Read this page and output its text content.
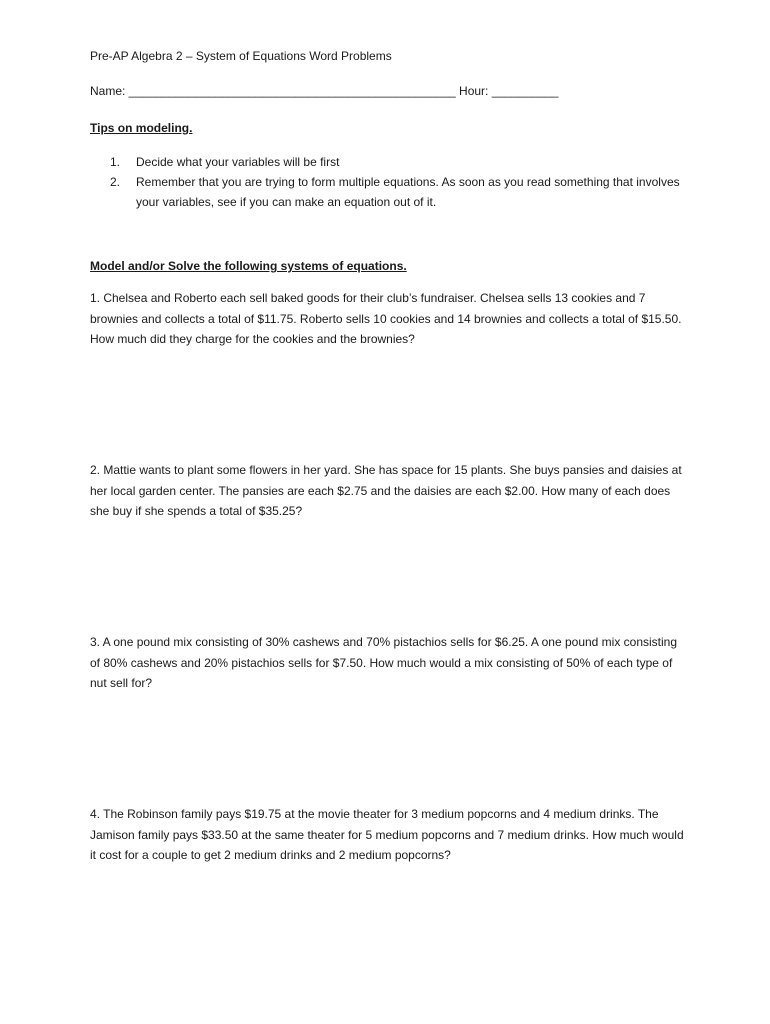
Pre-AP Algebra 2 – System of Equations Word Problems
Name: _________________________________________________ Hour: __________
Tips on modeling.
1. Decide what your variables will be first
2. Remember that you are trying to form multiple equations. As soon as you read something that involves your variables, see if you can make an equation out of it.
Model and/or Solve the following systems of equations.
1. Chelsea and Roberto each sell baked goods for their club’s fundraiser. Chelsea sells 13 cookies and 7 brownies and collects a total of $11.75. Roberto sells 10 cookies and 14 brownies and collects a total of $15.50. How much did they charge for the cookies and the brownies?
2. Mattie wants to plant some flowers in her yard. She has space for 15 plants. She buys pansies and daisies at her local garden center. The pansies are each $2.75 and the daisies are each $2.00. How many of each does she buy if she spends a total of $35.25?
3. A one pound mix consisting of 30% cashews and 70% pistachios sells for $6.25. A one pound mix consisting of 80% cashews and 20% pistachios sells for $7.50. How much would a mix consisting of 50% of each type of nut sell for?
4. The Robinson family pays $19.75 at the movie theater for 3 medium popcorns and 4 medium drinks. The Jamison family pays $33.50 at the same theater for 5 medium popcorns and 7 medium drinks. How much would it cost for a couple to get 2 medium drinks and 2 medium popcorns?
